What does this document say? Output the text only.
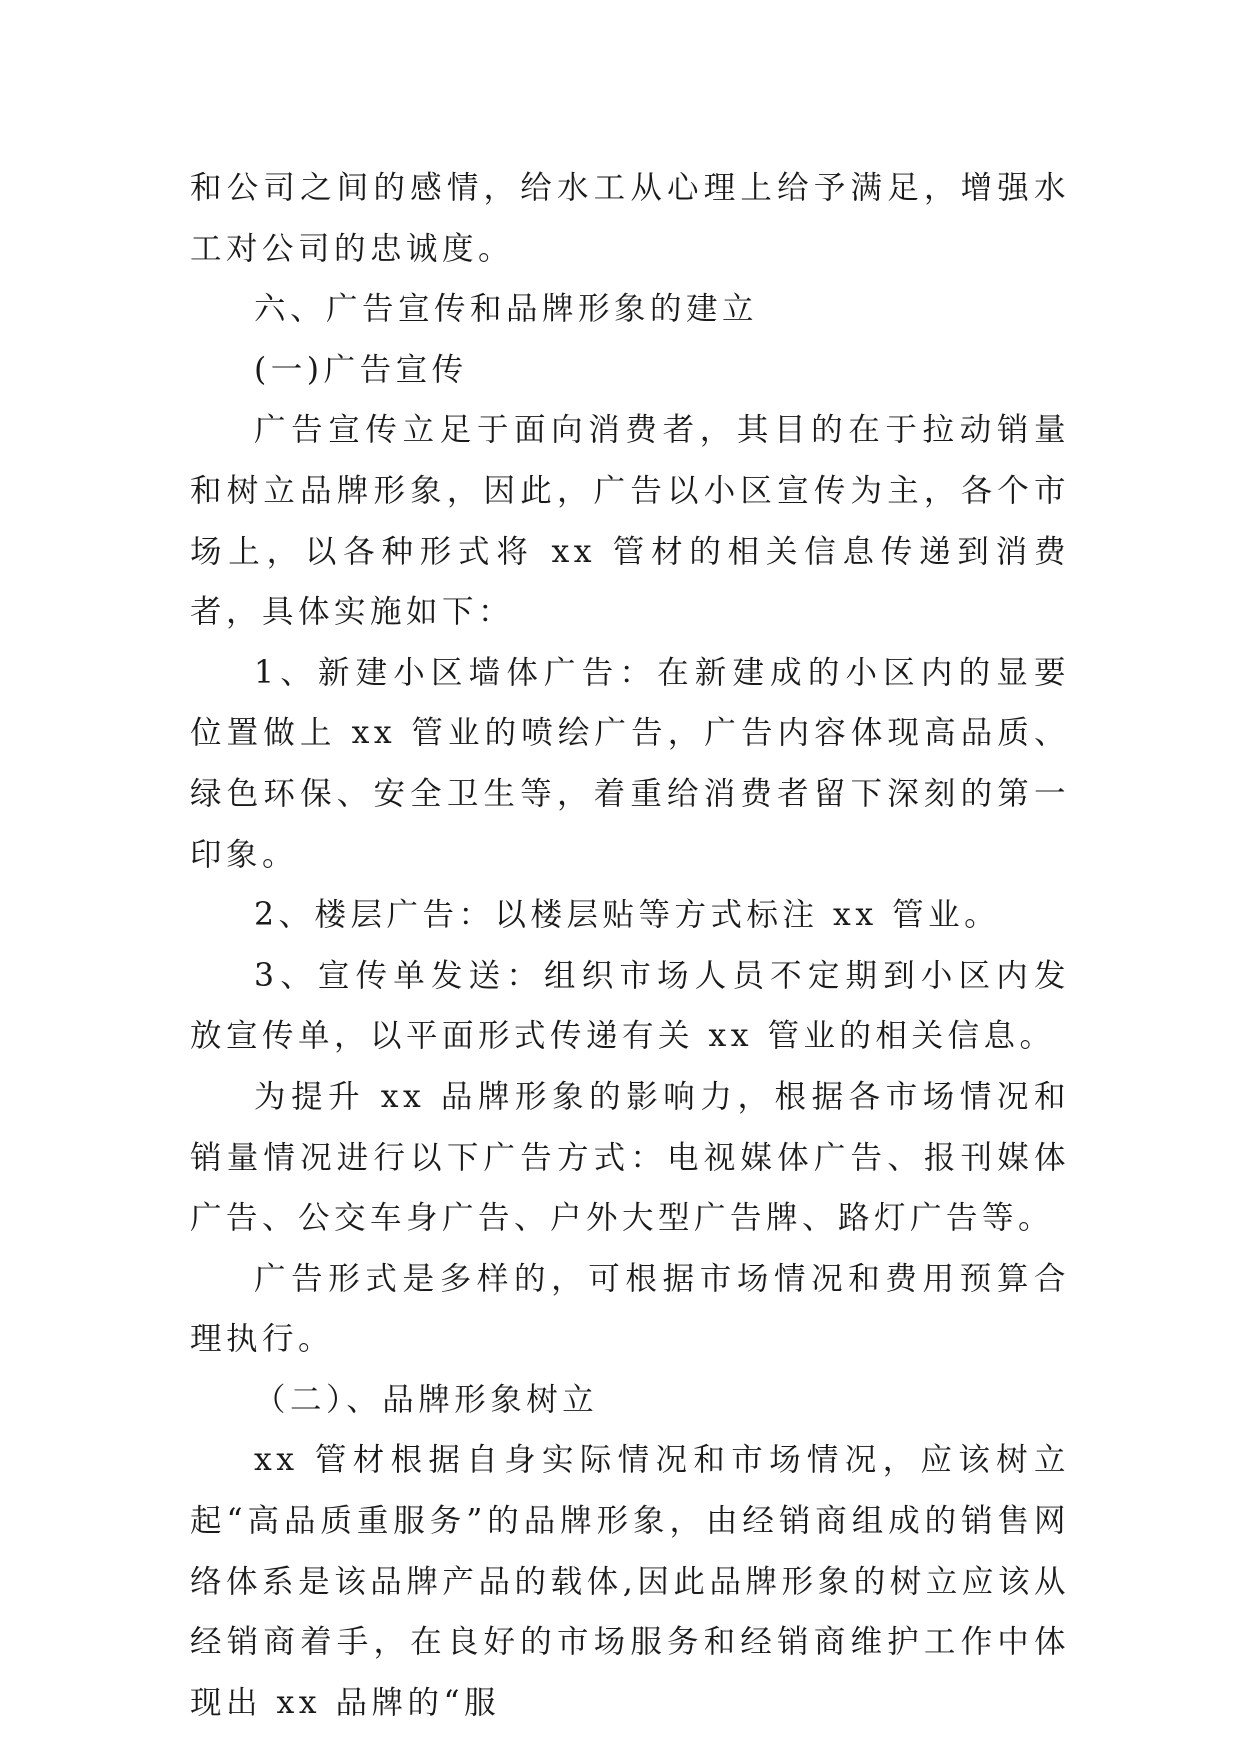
和公司之间的感情，给水工从心理上给予满足，增强水工对公司的忠诚度。

六、广告宣传和品牌形象的建立

(一)广告宣传

广告宣传立足于面向消费者，其目的在于拉动销量和树立品牌形象，因此，广告以小区宣传为主，各个市场上，以各种形式将 xx 管材的相关信息传递到消费者，具体实施如下：

1、新建小区墙体广告：在新建成的小区内的显要位置做上 xx 管业的喷绘广告，广告内容体现高品质、绿色环保、安全卫生等，着重给消费者留下深刻的第一印象。

2、楼层广告：以楼层贴等方式标注 xx 管业。

3、宣传单发送：组织市场人员不定期到小区内发放宣传单，以平面形式传递有关 xx 管业的相关信息。

为提升 xx 品牌形象的影响力，根据各市场情况和销量情况进行以下广告方式：电视媒体广告、报刊媒体广告、公交车身广告、户外大型广告牌、路灯广告等。

广告形式是多样的，可根据市场情况和费用预算合理执行。

（二）、品牌形象树立

xx 管材根据自身实际情况和市场情况，应该树立起“高品质重服务”的品牌形象，由经销商组成的销售网络体系是该品牌产品的载体,因此品牌形象的树立应该从经销商着手，在良好的市场服务和经销商维护工作中体现出 xx 品牌的“服
